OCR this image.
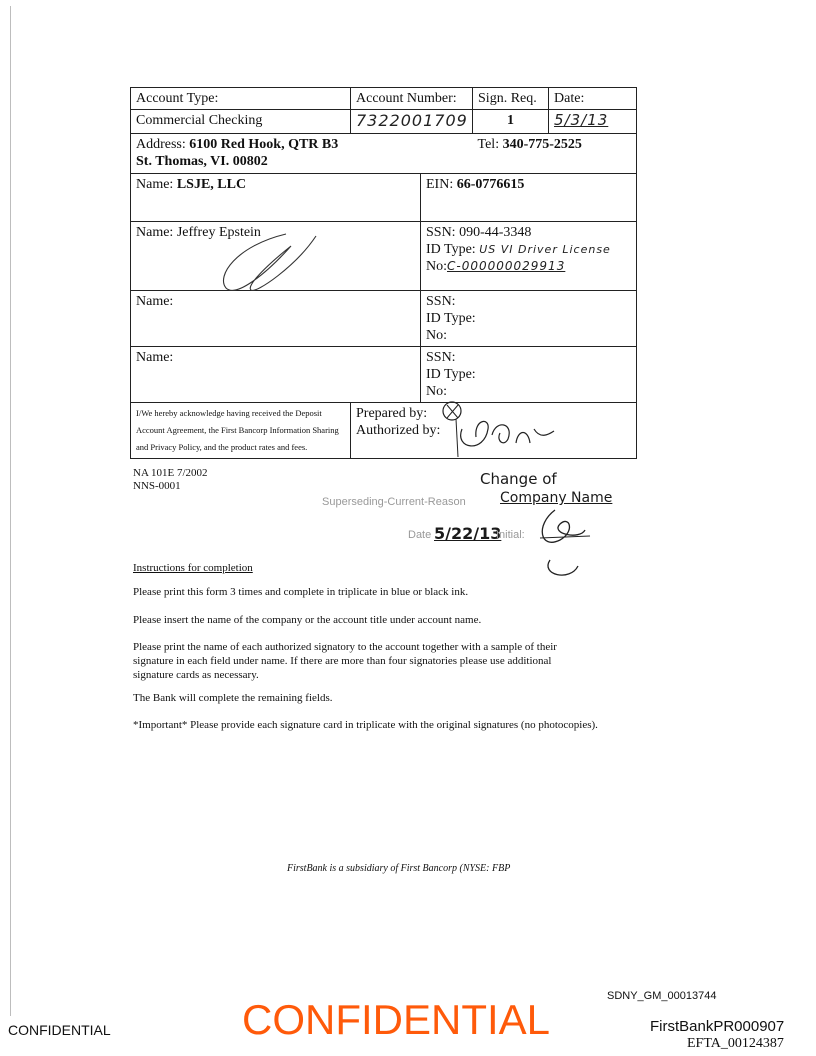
Account Type:	Account Number:		Sign. Req.	Date:
Commercial Checking	7322001709		1	5/3/13
Address: 6100 Red Hook, QTR B3
St. Thomas, VI. 00802			Tel: 340-775-2525	
Name: LSJE, LLC		EIN: 66-0776615		

Name: Jeffrey Epstein		SSN: 090-44-3348
ID Type: US VI Driver License
No:C-000000029913		
Name:		SSN:
ID Type:
No:		
Name:		SSN:
ID Type:
No:		
I/We hereby acknowledge having received the Deposit Account Agreement, the First Bancorp Information Sharing and Privacy Policy, and the product rates and fees.	Prepared by:
Authorized by:			
NA 101E 7/2002
NNS-0001	Change of
Superseding-Current-Reason Company Name
Date 5/22/13
Initial:
Instructions for completion
Please print this form 3 times and complete in triplicate in blue or black ink.
Please insert the name of the company or the account title under account name.
Please print the name of each authorized signatory to the account together with a sample of their signature in each field under name. If there are more than four signatories please use additional signature cards as necessary.
The Bank will complete the remaining fields.
*Important* Please provide each signature card in triplicate with the original signatures (no photocopies).
FirstBank is a subsidiary of First Bancorp (NYSE: FBP
CONFIDENTIAL	CONFIDENTIAL	SDNY_GM_00013744
FirstBankPR000907
EFTA_00124387
